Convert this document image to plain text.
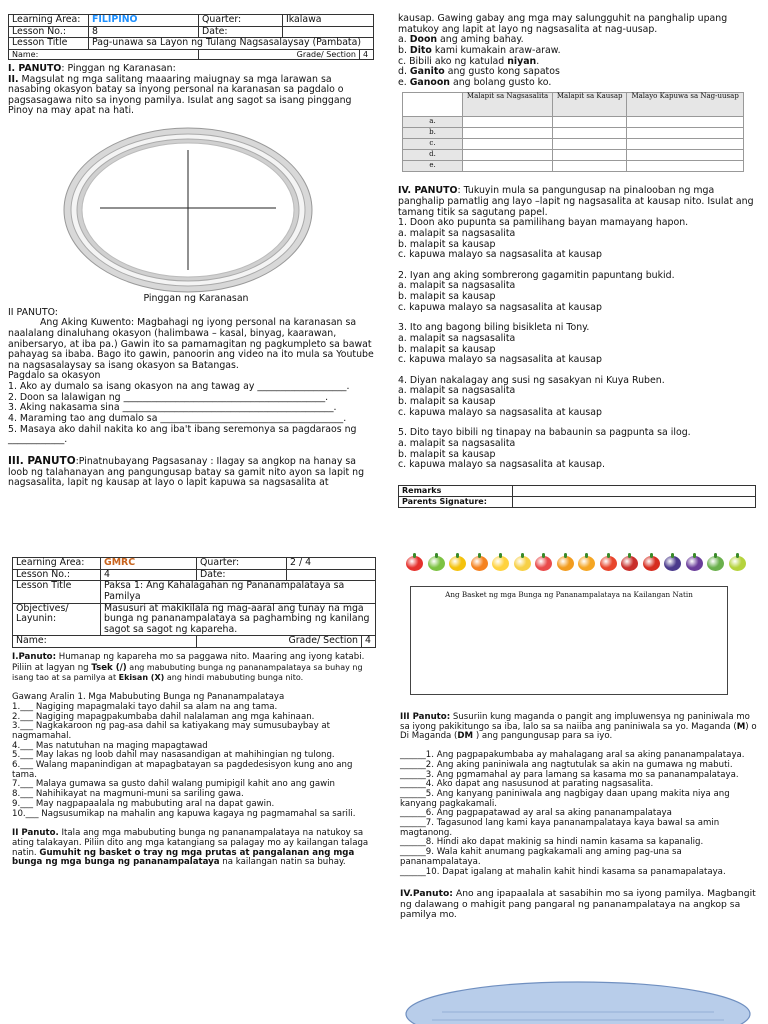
Learning Area:	FILIPINO	Quarter:	Ikalawa	
Lesson No.:	8	Date:		
Lesson Title	Pag-unawa sa Layon ng Tulang Nagsasalaysay (Pambata)			
Name:		Grade/ Section		4

I. PANUTO: Pinggan ng Karanasan:

II. Magsulat ng mga salitang maaaring maiugnay sa mga larawan sa nasabing okasyon batay sa inyong personal na karanasan sa pagdalo o pagsasagawa nito sa inyong pamilya. Isulat ang sagot sa isang pinggang Pinoy na may apat na hati.

Pinggan ng Karanasan

II PANUTO:

Ang Aking Kuwento: Magbahagi ng iyong personal na karanasan sa naalalang dinaluhang okasyon (halimbawa – kasal, binyag, kaarawan, anibersaryo, at iba pa.) Gawin ito sa pamamagitan ng pagkumpleto sa bawat pahayag sa ibaba. Bago ito gawin, panoorin ang video na ito mula sa Youtube na nagsasalaysay sa isang okasyon sa Batangas.

Pagdalo sa okasyon

1. Ako ay dumalo sa isang okasyon na ang tawag ay ___________________.

2. Doon sa lalawigan ng ___________________________________________.

3. Aking nakasama sina _____________________________________________.

4. Maraming tao ang dumalo sa _______________________________________.

5. Masaya ako dahil nakita ko ang iba't ibang seremonya sa pagdaraos ng ____________.

III. PANUTO:Pinatnubayang Pagsasanay : Ilagay sa angkop na hanay sa loob ng talahanayan ang pangungusap batay sa gamit nito ayon sa lapit ng nagsasalita, lapit ng kausap at layo o lapit kapuwa sa nagsasalita at

kausap. Gawing gabay ang mga may salungguhit na panghalip upang matukoy ang lapit at layo ng nagsasalita at nag-uusap.

a. Doon ang aming bahay.

b. Dito kami kumakain araw-araw.

c. Bibili ako ng katulad niyan.

d. Ganito ang gusto kong sapatos

e. Ganoon ang bolang gusto ko.

	Malapit sa Nagsasalita	Malapit sa Kausap	Malayo Kapuwa sa Nag-uusap
a.			
b.			
c.			
d.			
e.			

IV. PANUTO: Tukuyin mula sa pangungusap na pinalooban ng mga panghalip pamatlig ang layo –lapit ng nagsasalita at kausap nito. Isulat ang tamang titik sa sagutang papel.

1. Doon ako pupunta sa pamilihang bayan mamayang hapon.

a. malapit sa nagsasalita

b. malapit sa kausap

c. kapuwa malayo sa nagsasalita at kausap

2. Iyan ang aking sombrerong gagamitin papuntang bukid.

a. malapit sa nagsasalita

b. malapit sa kausap

c. kapuwa malayo sa nagsasalita at kausap

3. Ito ang bagong biling bisikleta ni Tony.

a. malapit sa nagsasalita

b. malapit sa kausap

c. kapuwa malayo sa nagsasalita at kausap

4. Diyan nakalagay ang susi ng sasakyan ni Kuya Ruben.

a. malapit sa nagsasalita

b. malapit sa kausap

c. kapuwa malayo sa nagsasalita at kausap

5. Dito tayo bibili ng tinapay na babaunin sa pagpunta sa ilog.

a. malapit sa nagsasalita

b. malapit sa kausap

c. kapuwa malayo sa nagsasalita at kausap.

Remarks	
Parents Signature:	
Learning Area:	GMRC	Quarter:	2 / 4	
Lesson No.:	4	Date:		
Lesson Title	Paksa 1: Ang Kahalagahan ng Pananampalataya sa Pamilya			
Objectives/ Layunin:	Masusuri at makikilala ng mag-aaral ang tunay na mga bunga ng pananampalataya sa paghambing ng kanilang sagot sa sagot ng kapareha.			
Name:		Grade/ Section		4

I.Panuto: Humanap ng kapareha mo sa paggawa nito. Maaring ang iyong katabi. Piliin at lagyan ng Tsek (/) ang mabubuting bunga ng pananampalataya sa buhay ng isang tao at sa pamilya at Ekisan (X) ang hindi mabubuting bunga nito.

Gawang Aralin 1. Mga Mabubuting Bunga ng Pananampalataya

1.___ Nagiging mapagmalaki tayo dahil sa alam na ang tama.

2.___ Nagiging mapagpakumbaba dahil nalalaman ang mga kahinaan.

3.___ Nagkakaroon ng pag-asa dahil sa katiyakang may sumusubaybay at nagmamahal.

4.___ Mas natutuhan na maging mapagtawad

5.___ May lakas ng loob dahil may nasasandigan at mahihingian ng tulong.

6.___ Walang mapanindigan at mapagbatayan sa pagdedesisyon kung ano ang tama.

7.___ Malaya gumawa sa gusto dahil walang pumipigil kahit ano ang gawin

8.___ Nahihikayat na magmuni-muni sa sariling gawa.

9.___ May nagpapaalala ng mabubuting aral na dapat gawin.

10.___ Nagsusumikap na mahalin ang kapuwa kagaya ng pagmamahal sa sarili.

II Panuto. Itala ang mga mabubuting bunga ng pananampalataya na natukoy sa ating talakayan. Piliin dito ang mga katangiang sa palagay mo ay kailangan talaga natin. Gumuhit ng basket o tray ng mga prutas at pangalanan ang mga bunga ng mga bunga ng pananampalataya na kailangan natin sa buhay.

Ang Basket ng mga Bunga ng Pananampalataya na Kailangan Natin

III Panuto: Susuriin kung maganda o pangit ang impluwensya ng paniniwala mo sa iyong pakikitungo sa iba, lalo sa sa naiiba ang paniniwala sa yo. Maganda (M) o Di Maganda (DM ) ang pangungusap para sa iyo.

______1. Ang pagpapakumbaba ay mahalagang aral sa aking pananampalataya.

______2. Ang aking paniniwala ang nagtutulak sa akin na gumawa ng mabuti.

______3. Ang pgmamahal ay para lamang sa kasama mo sa pananampalataya.

______4. Ako dapat ang nasusunod at parating nagsasalita.

______5. Ang kanyang paniniwala ang nagbigay daan upang makita niya ang kanyang pagkakamali.

______6. Ang pagpapatawad ay aral sa aking pananampalataya

______7. Tagasunod lang kami kaya pananampalataya kaya bawal sa amin magtanong.

______8. Hindi ako dapat makinig sa hindi namin kasama sa kapanalig.

______9. Wala kahit anumang pagkakamali ang aming pag-una sa pananampalataya.

______10. Dapat igalang at mahalin kahit hindi kasama sa panamapalataya.

IV.Panuto: Ano ang ipapaalala at sasabihin mo sa iyong pamilya. Magbangit ng dalawang o mahigit pang pangaral ng pananampalataya na angkop sa pamilya mo.
